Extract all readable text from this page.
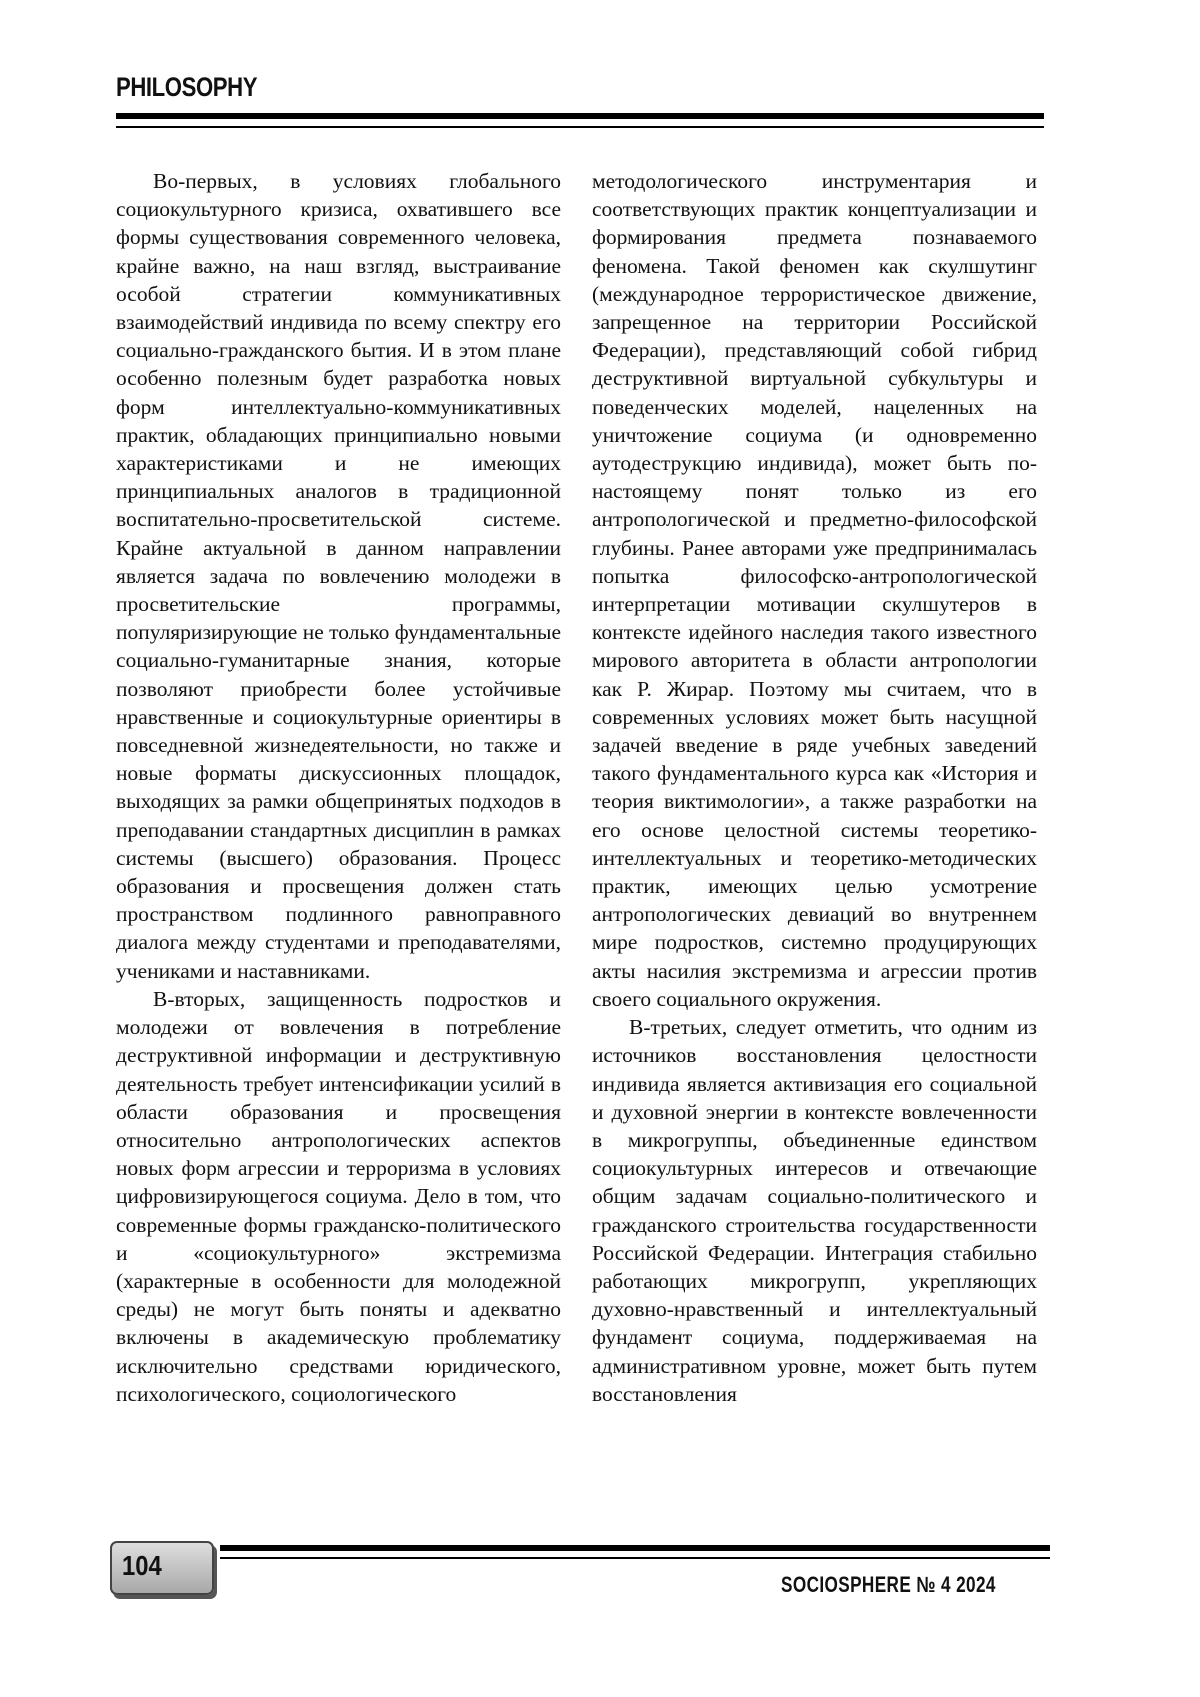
PHILOSOPHY

Во-первых, в условиях глобального социокультурного кризиса, охватившего все формы существования современного человека, крайне важно, на наш взгляд, выстраивание особой стратегии коммуникативных взаимодействий индивида по всему спектру его социально-гражданского бытия. И в этом плане особенно полезным будет разработка новых форм интеллектуально-коммуникативных практик, обладающих принципиально новыми характеристиками и не имеющих принципиальных аналогов в традиционной воспитательно-просветительской системе. Крайне актуальной в данном направлении является задача по вовлечению молодежи в просветительские программы, популяризирующие не только фундаментальные социально-гуманитарные знания, которые позволяют приобрести более устойчивые нравственные и социокультурные ориентиры в повседневной жизнедеятельности, но также и новые форматы дискуссионных площадок, выходящих за рамки общепринятых подходов в преподавании стандартных дисциплин в рамках системы (высшего) образования. Процесс образования и просвещения должен стать пространством подлинного равноправного диалога между студентами и преподавателями, учениками и наставниками.

В-вторых, защищенность подростков и молодежи от вовлечения в потребление деструктивной информации и деструктивную деятельность требует интенсификации усилий в области образования и просвещения относительно антропологических аспектов новых форм агрессии и терроризма в условиях цифровизирующегося социума. Дело в том, что современные формы гражданско-политического и «социокультурного» экстремизма (характерные в особенности для молодежной среды) не могут быть поняты и адекватно включены в академическую проблематику исключительно средствами юридического, психологического, социологического

методологического инструментария и соответствующих практик концептуализации и формирования предмета познаваемого феномена. Такой феномен как скулшутинг (международное террористическое движение, запрещенное на территории Российской Федерации), представляющий собой гибрид деструктивной виртуальной субкультуры и поведенческих моделей, нацеленных на уничтожение социума (и одновременно аутодеструкцию индивида), может быть по-настоящему понят только из его антропологической и предметно-философской глубины. Ранее авторами уже предпринималась попытка философско-антропологической интерпретации мотивации скулшутеров в контексте идейного наследия такого известного мирового авторитета в области антропологии как Р. Жирар. Поэтому мы считаем, что в современных условиях может быть насущной задачей введение в ряде учебных заведений такого фундаментального курса как «История и теория виктимологии», а также разработки на его основе целостной системы теоретико-интеллектуальных и теоретико-методических практик, имеющих целью усмотрение антропологических девиаций во внутреннем мире подростков, системно продуцирующих акты насилия экстремизма и агрессии против своего социального окружения.

В-третьих, следует отметить, что одним из источников восстановления целостности индивида является активизация его социальной и духовной энергии в контексте вовлеченности в микрогруппы, объединенные единством социокультурных интересов и отвечающие общим задачам социально-политического и гражданского строительства государственности Российской Федерации. Интеграция стабильно работающих микрогрупп, укрепляющих духовно-нравственный и интеллектуальный фундамент социума, поддерживаемая на административном уровне, может быть путем восстановления

104
SOCIOSPHERE № 4 2024
